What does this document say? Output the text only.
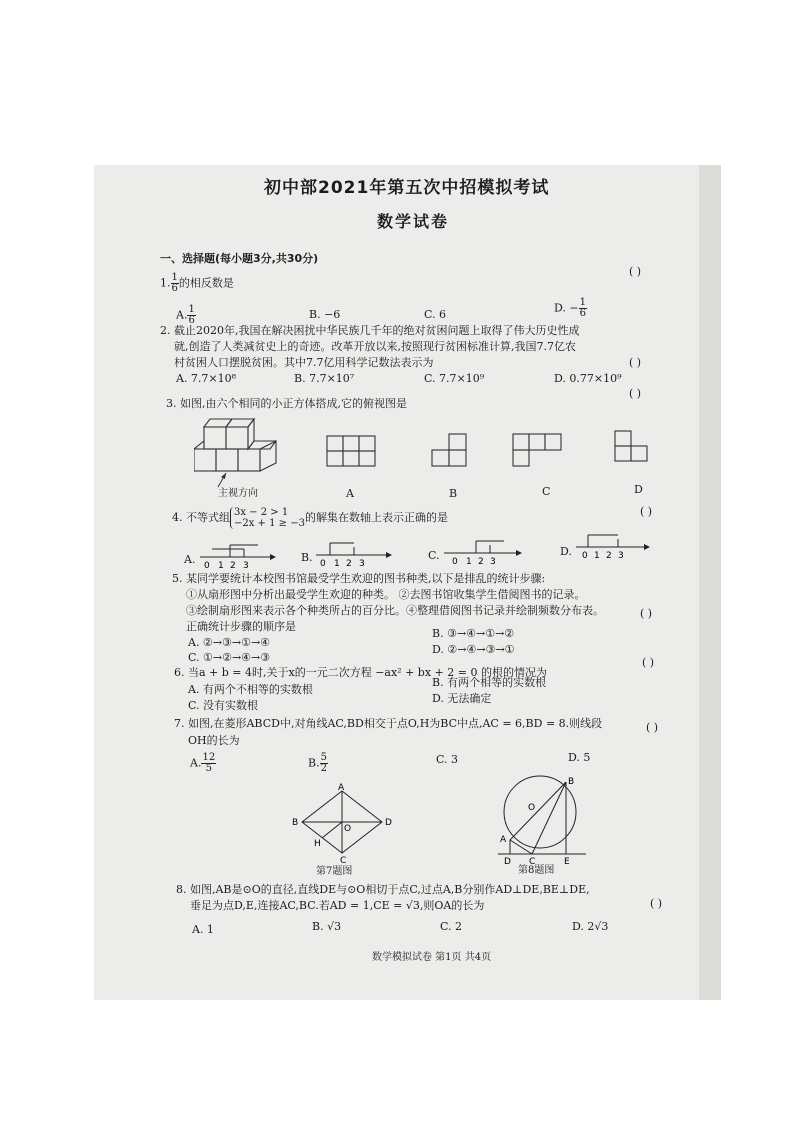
初中部2021年第五次中招模拟考试
数学试卷
一、选择题(每小题3分,共30分)
1. $\frac{1}{6}$ 的相反数是
( )
A. $\frac{1}{6}$	B. −6	C. 6	D. − $\frac{1}{6}$
2. 截止2020年,我国在解决困扰中华民族几千年的绝对贫困问题上取得了伟大历史性成
就,创造了人类减贫史上的奇迹。改革开放以来,按照现行贫困标准计算,我国7.7亿农
村贫困人口摆脱贫困。其中7.7亿用科学记数法表示为	( )
A. 7.7×10⁸	B. 7.7×10⁷	C. 7.7×10⁹	D. 0.77×10⁹
3. 如图,由六个相同的小正方体搭成,它的俯视图是
( )
主视方向	A	B	C	D
4. 不等式组 3x − 2 > 1
−2x + 1 ≥ −3 的解集在数轴上表示正确的是	( )
A. 0 1 2 3
B. 0 1 2 3
C. 0 1 2 3
D. 0 1 2 3
5. 某同学要统计本校图书馆最受学生欢迎的图书种类,以下是排乱的统计步骤:
①从扇形图中分析出最受学生欢迎的种类。 ②去图书馆收集学生借阅图书的记录。
③绘制扇形图来表示各个种类所占的百分比。④整理借阅图书记录并绘制频数分布表。
正确统计步骤的顺序是
( )
A. ②→③→①→④
B. ③→④→①→②
C. ①→②→④→③
D. ②→④→③→①
6. 当a + b = 4时,关于x的一元二次方程 −ax² + bx + 2 = 0 的根的情况为
( )
A. 有两个不相等的实数根
B. 有两个相等的实数根
C. 没有实数根
D. 无法确定
7. 如图,在菱形ABCD中,对角线AC,BD相交于点O,H为BC中点,AC = 6,BD = 8.则线段
OH的长为
( )
A. $\frac{12}{5}$	B. $\frac{5}{2}$	C. 3	D. 5
A
B
C
D
O
H
第7题图
B
O
A
D C	E
第8题图
8. 如图,AB是⊙O的直径,直线DE与⊙O相切于点C,过点A,B分别作AD⊥DE,BE⊥DE,
垂足为点D,E,连接AC,BC.若AD = 1,CE = √3,则OA的长为	( )
A. 1	B. √3	C. 2	D. 2√3
数学模拟试卷 第1页 共4页
